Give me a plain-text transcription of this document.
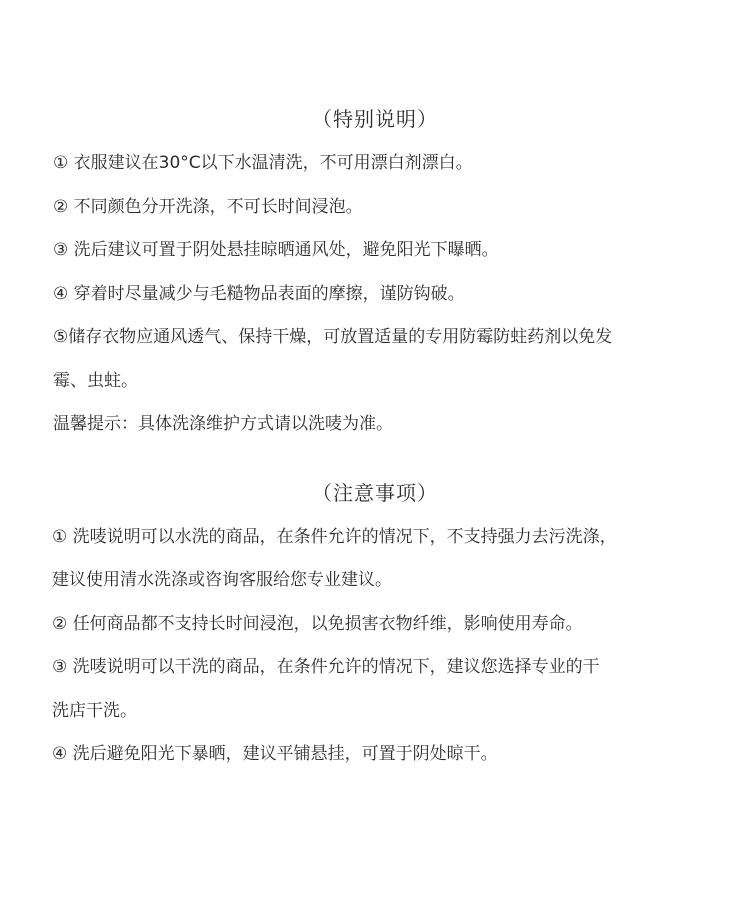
（特别说明）
① 衣服建议在30°C以下水温清洗，不可用漂白剂漂白。
② 不同颜色分开洗涤，不可长时间浸泡。
③ 洗后建议可置于阴处悬挂晾晒通风处，避免阳光下曝晒。
④ 穿着时尽量减少与毛糙物品表面的摩擦，谨防钩破。
⑤储存衣物应通风透气、保持干燥，可放置适量的专用防霉防蛀药剂以免发
霉、虫蛀。
温馨提示：具体洗涤维护方式请以洗唛为准。
（注意事项）
① 洗唛说明可以水洗的商品，在条件允许的情况下，不支持强力去污洗涤，
建议使用清水洗涤或咨询客服给您专业建议。
② 任何商品都不支持长时间浸泡，以免损害衣物纤维，影响使用寿命。
③ 洗唛说明可以干洗的商品，在条件允许的情况下，建议您选择专业的干
洗店干洗。
④ 洗后避免阳光下暴晒，建议平铺悬挂，可置于阴处晾干。
